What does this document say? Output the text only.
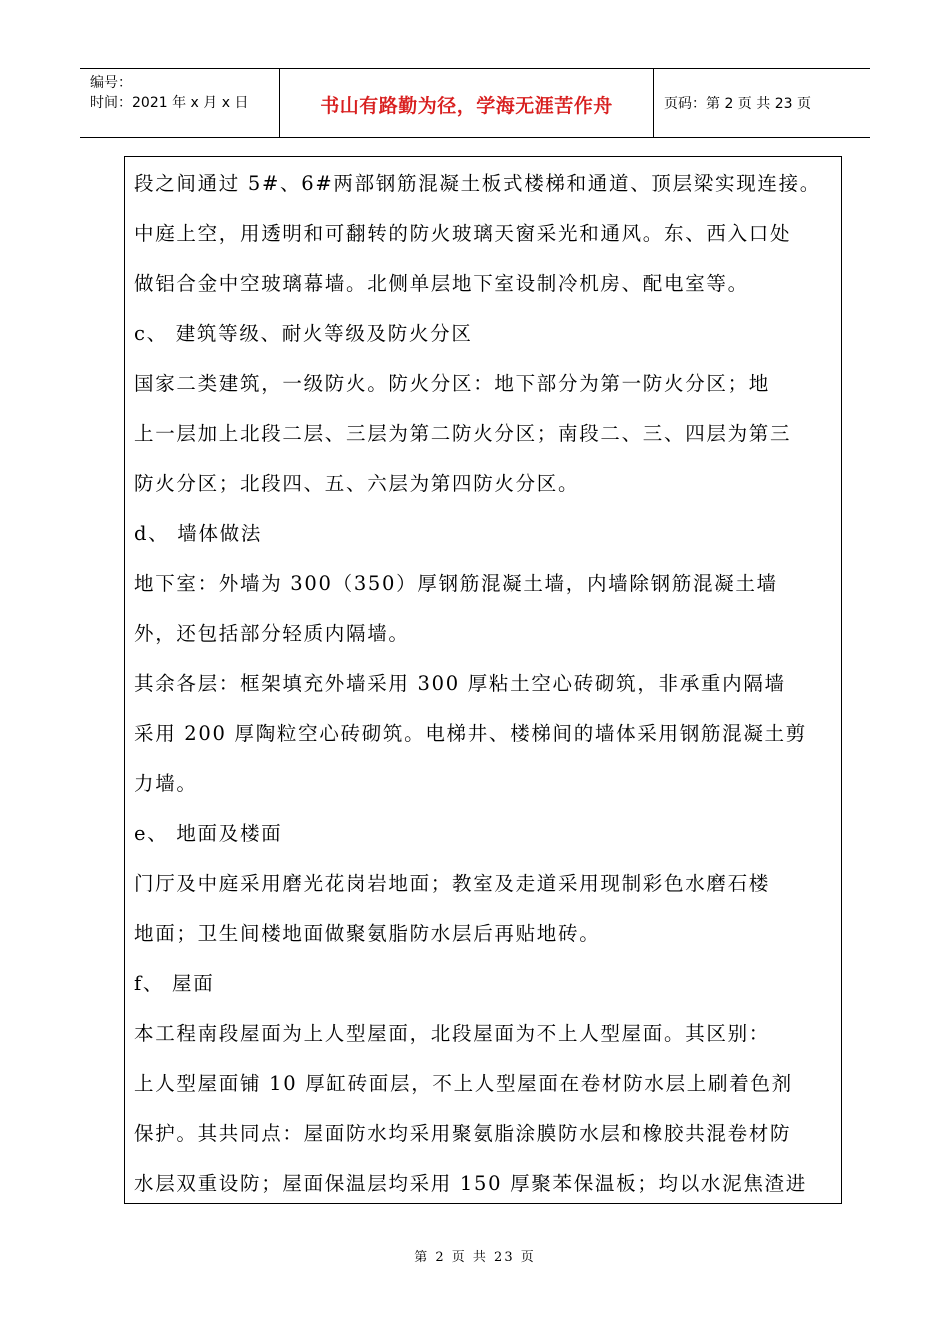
编号：
时间：2021 年 x 月 x 日	书山有路勤为径，学海无涯苦作舟	页码：第 2 页 共 23 页
段之间通过 5#、6#两部钢筋混凝土板式楼梯和通道、顶层梁实现连接。
中庭上空，用透明和可翻转的防火玻璃天窗采光和通风。东、西入口处
做铝合金中空玻璃幕墙。北侧单层地下室设制冷机房、配电室等。
c、 建筑等级、耐火等级及防火分区
国家二类建筑，一级防火。防火分区：地下部分为第一防火分区；地
上一层加上北段二层、三层为第二防火分区；南段二、三、四层为第三
防火分区；北段四、五、六层为第四防火分区。
d、 墙体做法
地下室：外墙为 300（350）厚钢筋混凝土墙，内墙除钢筋混凝土墙
外，还包括部分轻质内隔墙。
其余各层：框架填充外墙采用 300 厚粘土空心砖砌筑，非承重内隔墙
采用 200 厚陶粒空心砖砌筑。电梯井、楼梯间的墙体采用钢筋混凝土剪
力墙。
e、 地面及楼面
门厅及中庭采用磨光花岗岩地面；教室及走道采用现制彩色水磨石楼
地面；卫生间楼地面做聚氨脂防水层后再贴地砖。
f、 屋面
本工程南段屋面为上人型屋面，北段屋面为不上人型屋面。其区别：
上人型屋面铺 10 厚缸砖面层，不上人型屋面在卷材防水层上刷着色剂
保护。其共同点：屋面防水均采用聚氨脂涂膜防水层和橡胶共混卷材防
水层双重设防；屋面保温层均采用 150 厚聚苯保温板；均以水泥焦渣进
第 2 页 共 23 页
